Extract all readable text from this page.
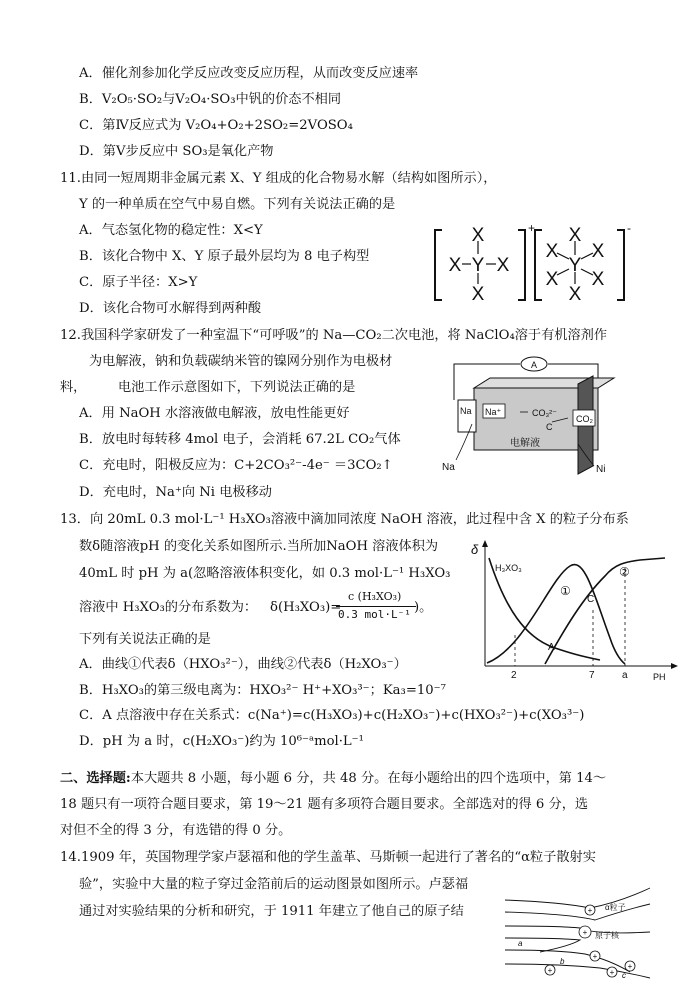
A．催化剂参加化学反应改变反应历程，从而改变反应速率
B．V₂O₅·SO₂与V₂O₄·SO₃中钒的价态不相同
C．第Ⅳ反应式为 V₂O₄+O₂+2SO₂=2VOSO₄
D．第Ⅴ步反应中 SO₃是氧化产物
11.由同一短周期非金属元素 X、Y 组成的化合物易水解（结构如图所示），
Y 的一种单质在空气中易自燃。下列有关说法正确的是
A．气态氢化物的稳定性：X<Y
B．该化合物中 X、Y 原子最外层均为 8 电子构型
C．原子半径：X>Y
D．该化合物可水解得到两种酸
X
X Y X
X
X
X X
Y
X X
X
+	-
12.我国科学家研发了一种室温下“可呼吸”的 Na—CO₂二次电池，将 NaClO₄溶于有机溶剂作
为电解液，钠和负载碳纳米管的镍网分别作为电极材
料， 电池工作示意图如下，下列说法正确的是
A．用 NaOH 水溶液做电解液，放电性能更好
B．放电时每转移 4mol 电子，会消耗 67.2L CO₂气体
C．充电时，阳极反应为：C+2CO₃²⁻-4e⁻ ＝3CO₂↑
D．充电时，Na⁺向 Ni 电极移动
A
Na Na⁺	CO₃²⁻
C
CO₂
电解液
Na	Ni
13．向 20mL 0.3 mol·L⁻¹ H₃XO₃溶液中滴加同浓度 NaOH 溶液，此过程中含 X 的粒子分布系
数δ随溶液pH 的变化关系如图所示.当所加NaOH 溶液体积为
40mL 时 pH 为 a(忽略溶液体积变化，如 0.3 mol·L⁻¹ H₃XO₃
溶液中 H₃XO₃的分布系数为： δ(H₃XO₃)=
c (H₃XO₃)
0.3 mol·L⁻¹ )。
下列有关说法正确的是
A．曲线①代表δ（HXO₃²⁻），曲线②代表δ（H₂XO₃⁻）
B．H₃XO₃的第三级电离为：HXO₃²⁻ H⁺+XO₃³⁻；Ka₃=10⁻⁷
C．A 点溶液中存在关系式：c(Na⁺)=c(H₃XO₃)+c(H₂XO₃⁻)+c(HXO₃²⁻)+c(XO₃³⁻)
D．pH 为 a 时，c(H₂XO₃⁻)约为 10⁶⁻ᵃmol·L⁻¹
δ
PH
2	7	a
H₃XO₃
①
②
C
A
二、选择题:本大题共 8 小题，每小题 6 分，共 48 分。在每小题给出的四个选项中，第 14～
18 题只有一项符合题目要求，第 19～21 题有多项符合题目要求。全部选对的得 6 分，选
对但不全的得 3 分，有选错的得 0 分。
14.1909 年，英国物理学家卢瑟福和他的学生盖革、马斯顿一起进行了著名的“α粒子散射实
验”，实验中大量的粒子穿过金箔前后的运动图景如图所示。卢瑟福
通过对实验结果的分析和研究，于 1911 年建立了他自己的原子结	+
+
+
+
+	+
α粒子
原子核
a
b
c
